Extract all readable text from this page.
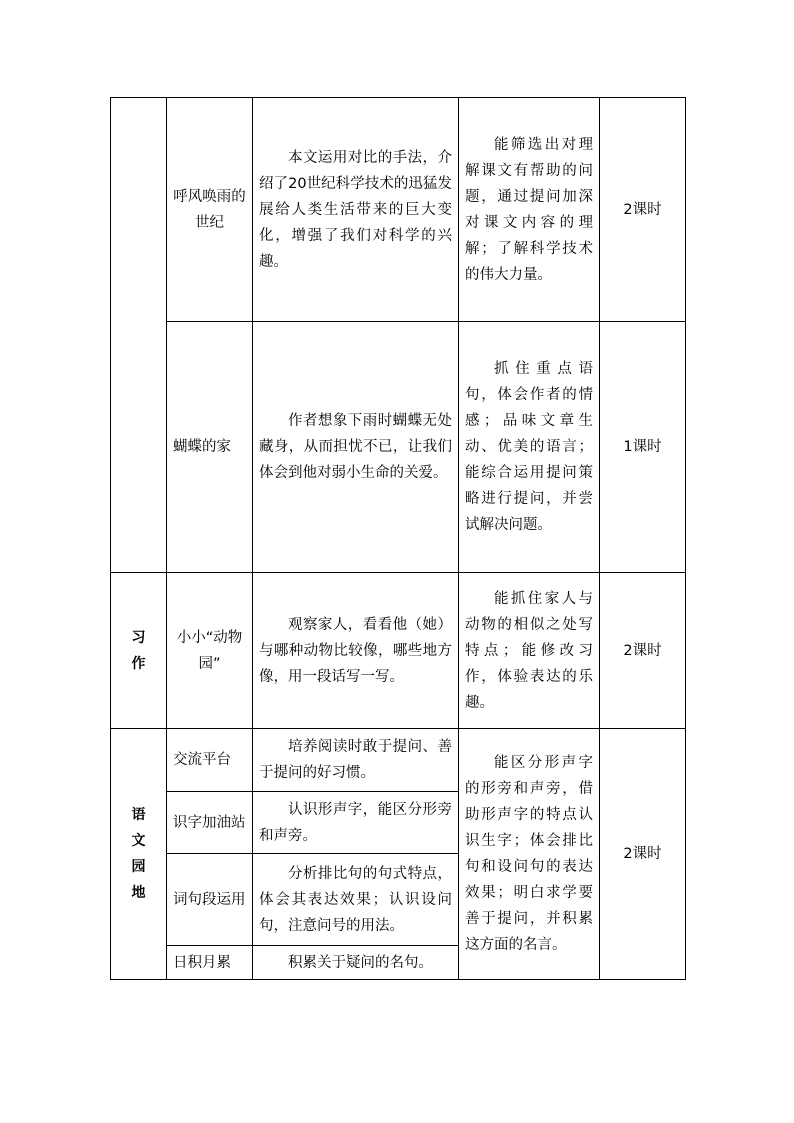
	呼风唤雨的世纪	本文运用对比的手法，介绍了20世纪科学技术的迅猛发展给人类生活带来的巨大变化，增强了我们对科学的兴趣。	能筛选出对理解课文有帮助的问题，通过提问加深对课文内容的理解；了解科学技术的伟大力量。	2课时
	蝴蝶的家	作者想象下雨时蝴蝶无处藏身，从而担忧不已，让我们体会到他对弱小生命的关爱。	抓住重点语句，体会作者的情感；品味文章生动、优美的语言；能综合运用提问策略进行提问，并尝试解决问题。	1课时
习作	小小“动物园”	观察家人，看看他（她）与哪种动物比较像，哪些地方像，用一段话写一写。	能抓住家人与动物的相似之处写特点；能修改习作，体验表达的乐趣。	2课时
语文园地	交流平台	培养阅读时敢于提问、善于提问的好习惯。	能区分形声字的形旁和声旁，借助形声字的特点认识生字；体会排比句和设问句的表达效果；明白求学要善于提问，并积累这方面的名言。	2课时
	识字加油站	认识形声字，能区分形旁和声旁。		
	词句段运用	分析排比句的句式特点，体会其表达效果；认识设问句，注意问号的用法。		
	日积月累	积累关于疑问的名句。		
